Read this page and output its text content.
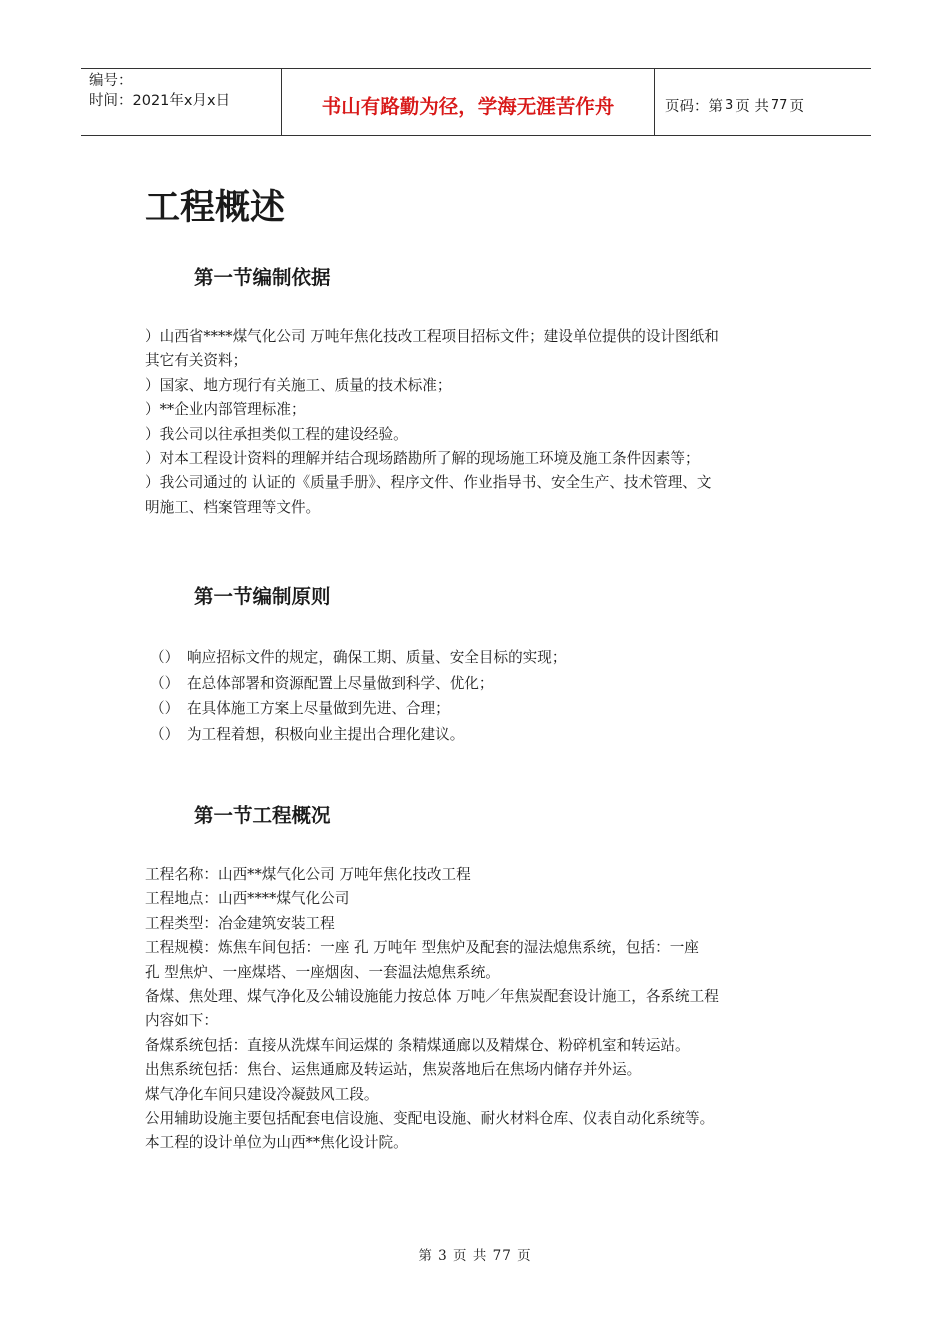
编号：
时间：2021年x月x日	书山有路勤为径，学海无涯苦作舟	页码：第 3 页 共 77 页
工程概述
第一节编制依据
）山西省****煤气化公司 万吨年焦化技改工程项目招标文件；建设单位提供的设计图纸和
其它有关资料；
）国家、地方现行有关施工、质量的技术标准；
）**企业内部管理标准；
）我公司以往承担类似工程的建设经验。
）对本工程设计资料的理解并结合现场踏勘所了解的现场施工环境及施工条件因素等；
）我公司通过的 认证的《质量手册》、程序文件、作业指导书、安全生产、技术管理、文
明施工、档案管理等文件。
第一节编制原则
（） 响应招标文件的规定，确保工期、质量、安全目标的实现；
（） 在总体部署和资源配置上尽量做到科学、优化；
（） 在具体施工方案上尽量做到先进、合理；
（） 为工程着想，积极向业主提出合理化建议。
第一节工程概况
工程名称：山西**煤气化公司 万吨年焦化技改工程
工程地点：山西****煤气化公司
工程类型：冶金建筑安装工程
工程规模：炼焦车间包括：一座 孔 万吨年 型焦炉及配套的湿法熄焦系统，包括：一座
孔 型焦炉、一座煤塔、一座烟囱、一套温法熄焦系统。
备煤、焦处理、煤气净化及公辅设施能力按总体 万吨／年焦炭配套设计施工，各系统工程
内容如下：
备煤系统包括：直接从洗煤车间运煤的 条精煤通廊以及精煤仓、粉碎机室和转运站。
出焦系统包括：焦台、运焦通廊及转运站，焦炭落地后在焦场内储存并外运。
煤气净化车间只建设冷凝鼓风工段。
公用辅助设施主要包括配套电信设施、变配电设施、耐火材料仓库、仪表自动化系统等。
本工程的设计单位为山西**焦化设计院。
第 3 页 共 77 页
